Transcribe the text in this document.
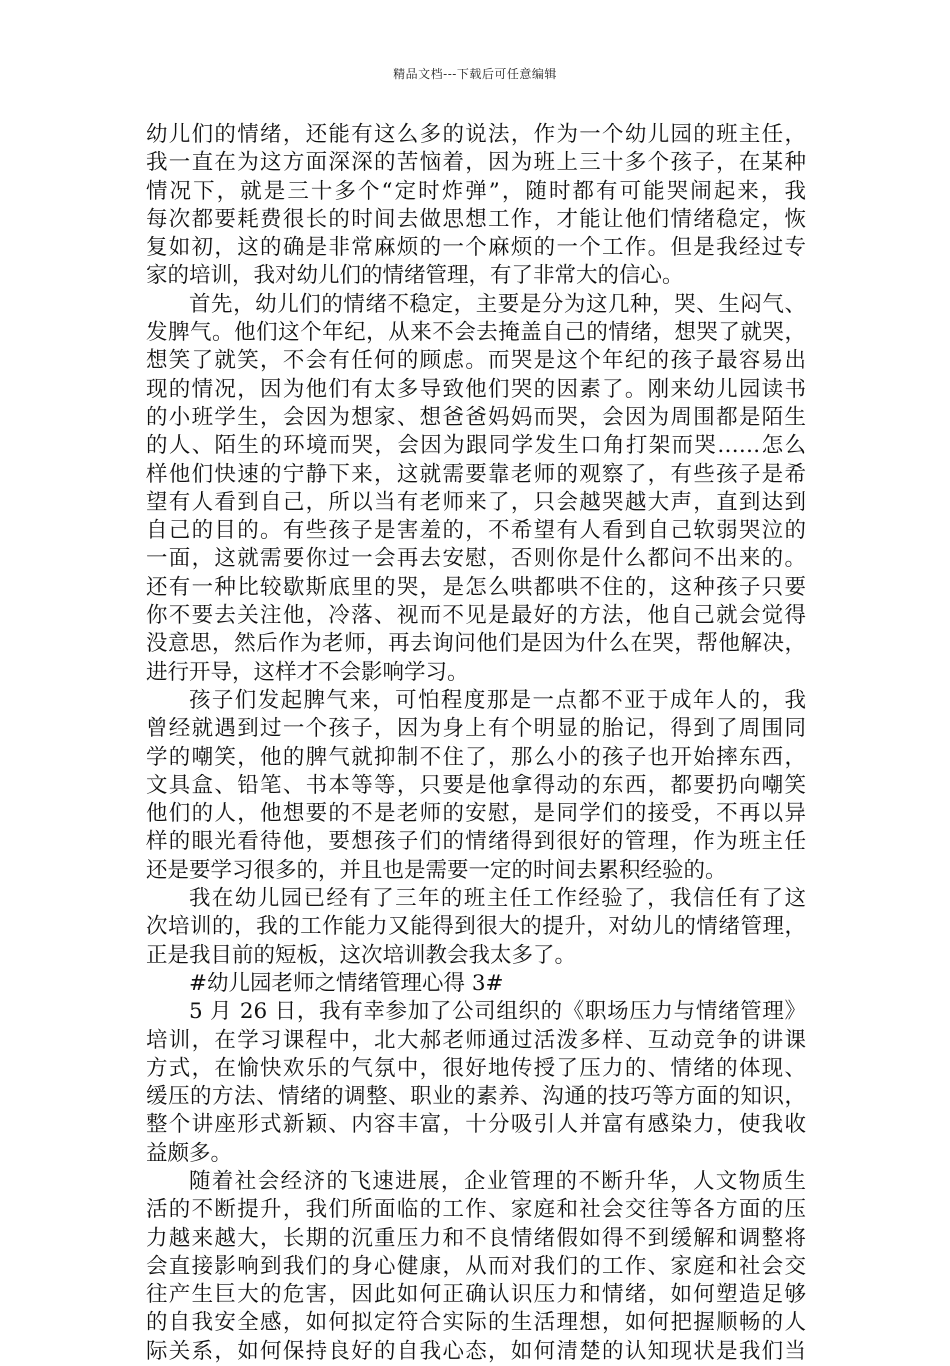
精品文档---下载后可任意编辑
幼儿们的情绪，还能有这么多的说法，作为一个幼儿园的班主任，
我一直在为这方面深深的苦恼着，因为班上三十多个孩子，在某种
情况下，就是三十多个“定时炸弹”，随时都有可能哭闹起来，我
每次都要耗费很长的时间去做思想工作，才能让他们情绪稳定，恢
复如初，这的确是非常麻烦的一个麻烦的一个工作。但是我经过专
家的培训，我对幼儿们的情绪管理，有了非常大的信心。
首先，幼儿们的情绪不稳定，主要是分为这几种，哭、生闷气、
发脾气。他们这个年纪，从来不会去掩盖自己的情绪，想哭了就哭，
想笑了就笑，不会有任何的顾虑。而哭是这个年纪的孩子最容易出
现的情况，因为他们有太多导致他们哭的因素了。刚来幼儿园读书
的小班学生，会因为想家、想爸爸妈妈而哭，会因为周围都是陌生
的人、陌生的环境而哭，会因为跟同学发生口角打架而哭……怎么
样他们快速的宁静下来，这就需要靠老师的观察了，有些孩子是希
望有人看到自己，所以当有老师来了，只会越哭越大声，直到达到
自己的目的。有些孩子是害羞的，不希望有人看到自己软弱哭泣的
一面，这就需要你过一会再去安慰，否则你是什么都问不出来的。
还有一种比较歇斯底里的哭，是怎么哄都哄不住的，这种孩子只要
你不要去关注他，冷落、视而不见是最好的方法，他自己就会觉得
没意思，然后作为老师，再去询问他们是因为什么在哭，帮他解决，
进行开导，这样才不会影响学习。
孩子们发起脾气来，可怕程度那是一点都不亚于成年人的，我
曾经就遇到过一个孩子，因为身上有个明显的胎记，得到了周围同
学的嘲笑，他的脾气就抑制不住了，那么小的孩子也开始摔东西，
文具盒、铅笔、书本等等，只要是他拿得动的东西，都要扔向嘲笑
他们的人，他想要的不是老师的安慰，是同学们的接受，不再以异
样的眼光看待他，要想孩子们的情绪得到很好的管理，作为班主任
还是要学习很多的，并且也是需要一定的时间去累积经验的。
我在幼儿园已经有了三年的班主任工作经验了，我信任有了这
次培训的，我的工作能力又能得到很大的提升，对幼儿的情绪管理，
正是我目前的短板，这次培训教会我太多了。
#幼儿园老师之情绪管理心得 3#
5 月 26 日，我有幸参加了公司组织的《职场压力与情绪管理》
培训，在学习课程中，北大郝老师通过活泼多样、互动竞争的讲课
方式，在愉快欢乐的气氛中，很好地传授了压力的、情绪的体现、
缓压的方法、情绪的调整、职业的素养、沟通的技巧等方面的知识，
整个讲座形式新颖、内容丰富，十分吸引人并富有感染力，使我收
益颇多。
随着社会经济的飞速进展，企业管理的不断升华，人文物质生
活的不断提升，我们所面临的工作、家庭和社会交往等各方面的压
力越来越大，长期的沉重压力和不良情绪假如得不到缓解和调整将
会直接影响到我们的身心健康，从而对我们的工作、家庭和社会交
往产生巨大的危害，因此如何正确认识压力和情绪，如何塑造足够
的自我安全感，如何拟定符合实际的生活理想，如何把握顺畅的人
际关系，如何保持良好的自我心态，如何清楚的认知现状是我们当
